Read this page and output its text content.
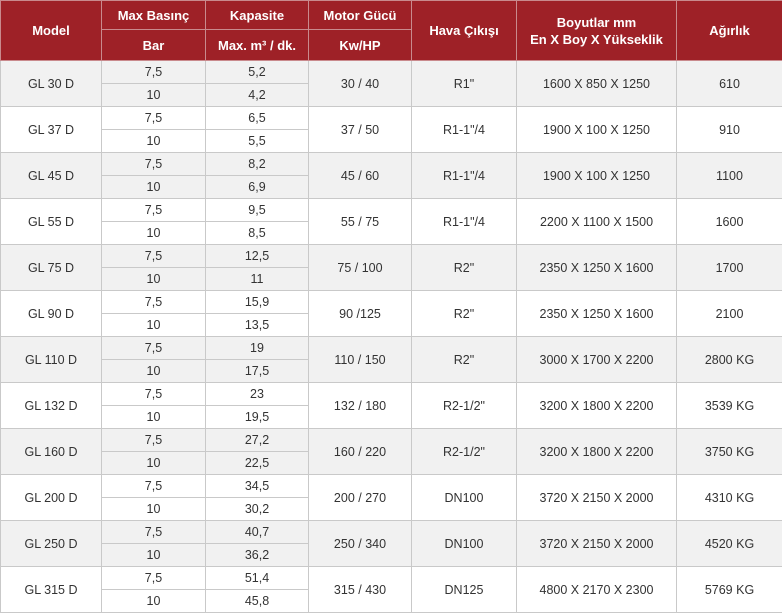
Model	Max Basınç	Kapasite	Motor Gücü	Hava Çıkışı	Boyutlar mm
En X Boy X Yükseklik	Ağırlık
	Bar	Max. m³ / dk.	Kw/HP			
GL 30 D	7,5	5,2	30 / 40	R1"	1600 X 850 X 1250	610
	10	4,2				
GL 37 D	7,5	6,5	37 / 50	R1-1"/4	1900 X 100 X 1250	910
	10	5,5				
GL 45 D	7,5	8,2	45 / 60	R1-1"/4	1900 X 100 X 1250	1100
	10	6,9				
GL 55 D	7,5	9,5	55 / 75	R1-1"/4	2200 X 1100 X 1500	1600
	10	8,5				
GL 75 D	7,5	12,5	75 / 100	R2"	2350 X 1250 X 1600	1700
	10	11				
GL 90 D	7,5	15,9	90 /125	R2"	2350 X 1250 X 1600	2100
	10	13,5				
GL 110 D	7,5	19	110 / 150	R2"	3000 X 1700 X 2200	2800 KG
	10	17,5				
GL 132 D	7,5	23	132 / 180	R2-1/2"	3200 X 1800 X 2200	3539 KG
	10	19,5				
GL 160 D	7,5	27,2	160 / 220	R2-1/2"	3200 X 1800 X 2200	3750 KG
	10	22,5				
GL 200 D	7,5	34,5	200 / 270	DN100	3720 X 2150 X 2000	4310 KG
	10	30,2				
GL 250 D	7,5	40,7	250 / 340	DN100	3720 X 2150 X 2000	4520 KG
	10	36,2				
GL 315 D	7,5	51,4	315 / 430	DN125	4800 X 2170 X 2300	5769 KG
	10	45,8				
